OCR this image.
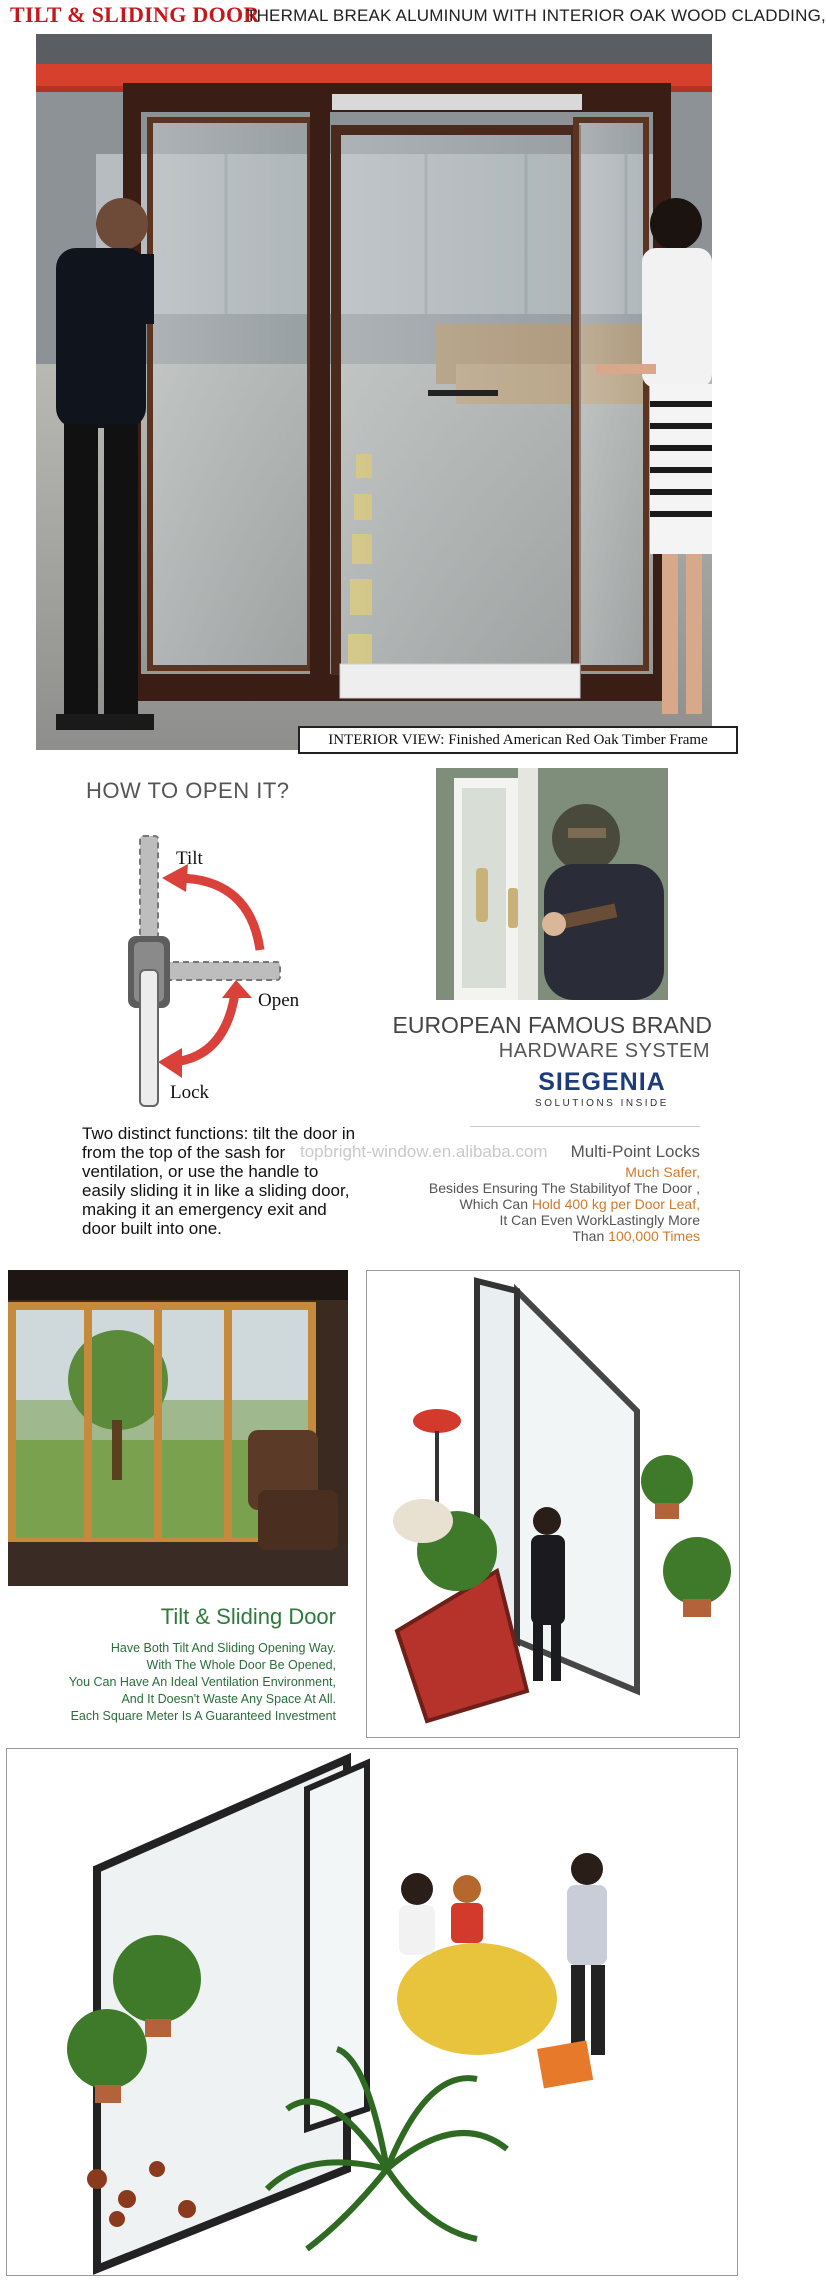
TILT & SLIDING DOOR
THERMAL BREAK ALUMINUM WITH INTERIOR OAK WOOD CLADDING,
INTERIOR VIEW: Finished American Red Oak Timber Frame
HOW TO OPEN IT?
Tilt
Open
Lock
Two distinct functions: tilt the door in from the top of the sash for ventilation, or use the handle to easily sliding it in like a sliding door, making it an emergency exit and door built into one.
EUROPEAN FAMOUS BRAND
HARDWARE SYSTEM
SIEGENIA
SOLUTIONS INSIDE
topbright-window.en.alibaba.com	Multi-Point Locks
Much Safer,
Besides Ensuring The Stabilityof The Door ,
Which Can Hold 400 kg per Door Leaf,
It Can Even WorkLastingly More
Than 100,000 Times
Tilt & Sliding Door
Have Both Tilt And Sliding Opening Way.
With The Whole Door Be Opened,
You Can Have An Ideal Ventilation Environment,
And It Doesn't Waste Any Space At All.
Each Square Meter Is A Guaranteed Investment
